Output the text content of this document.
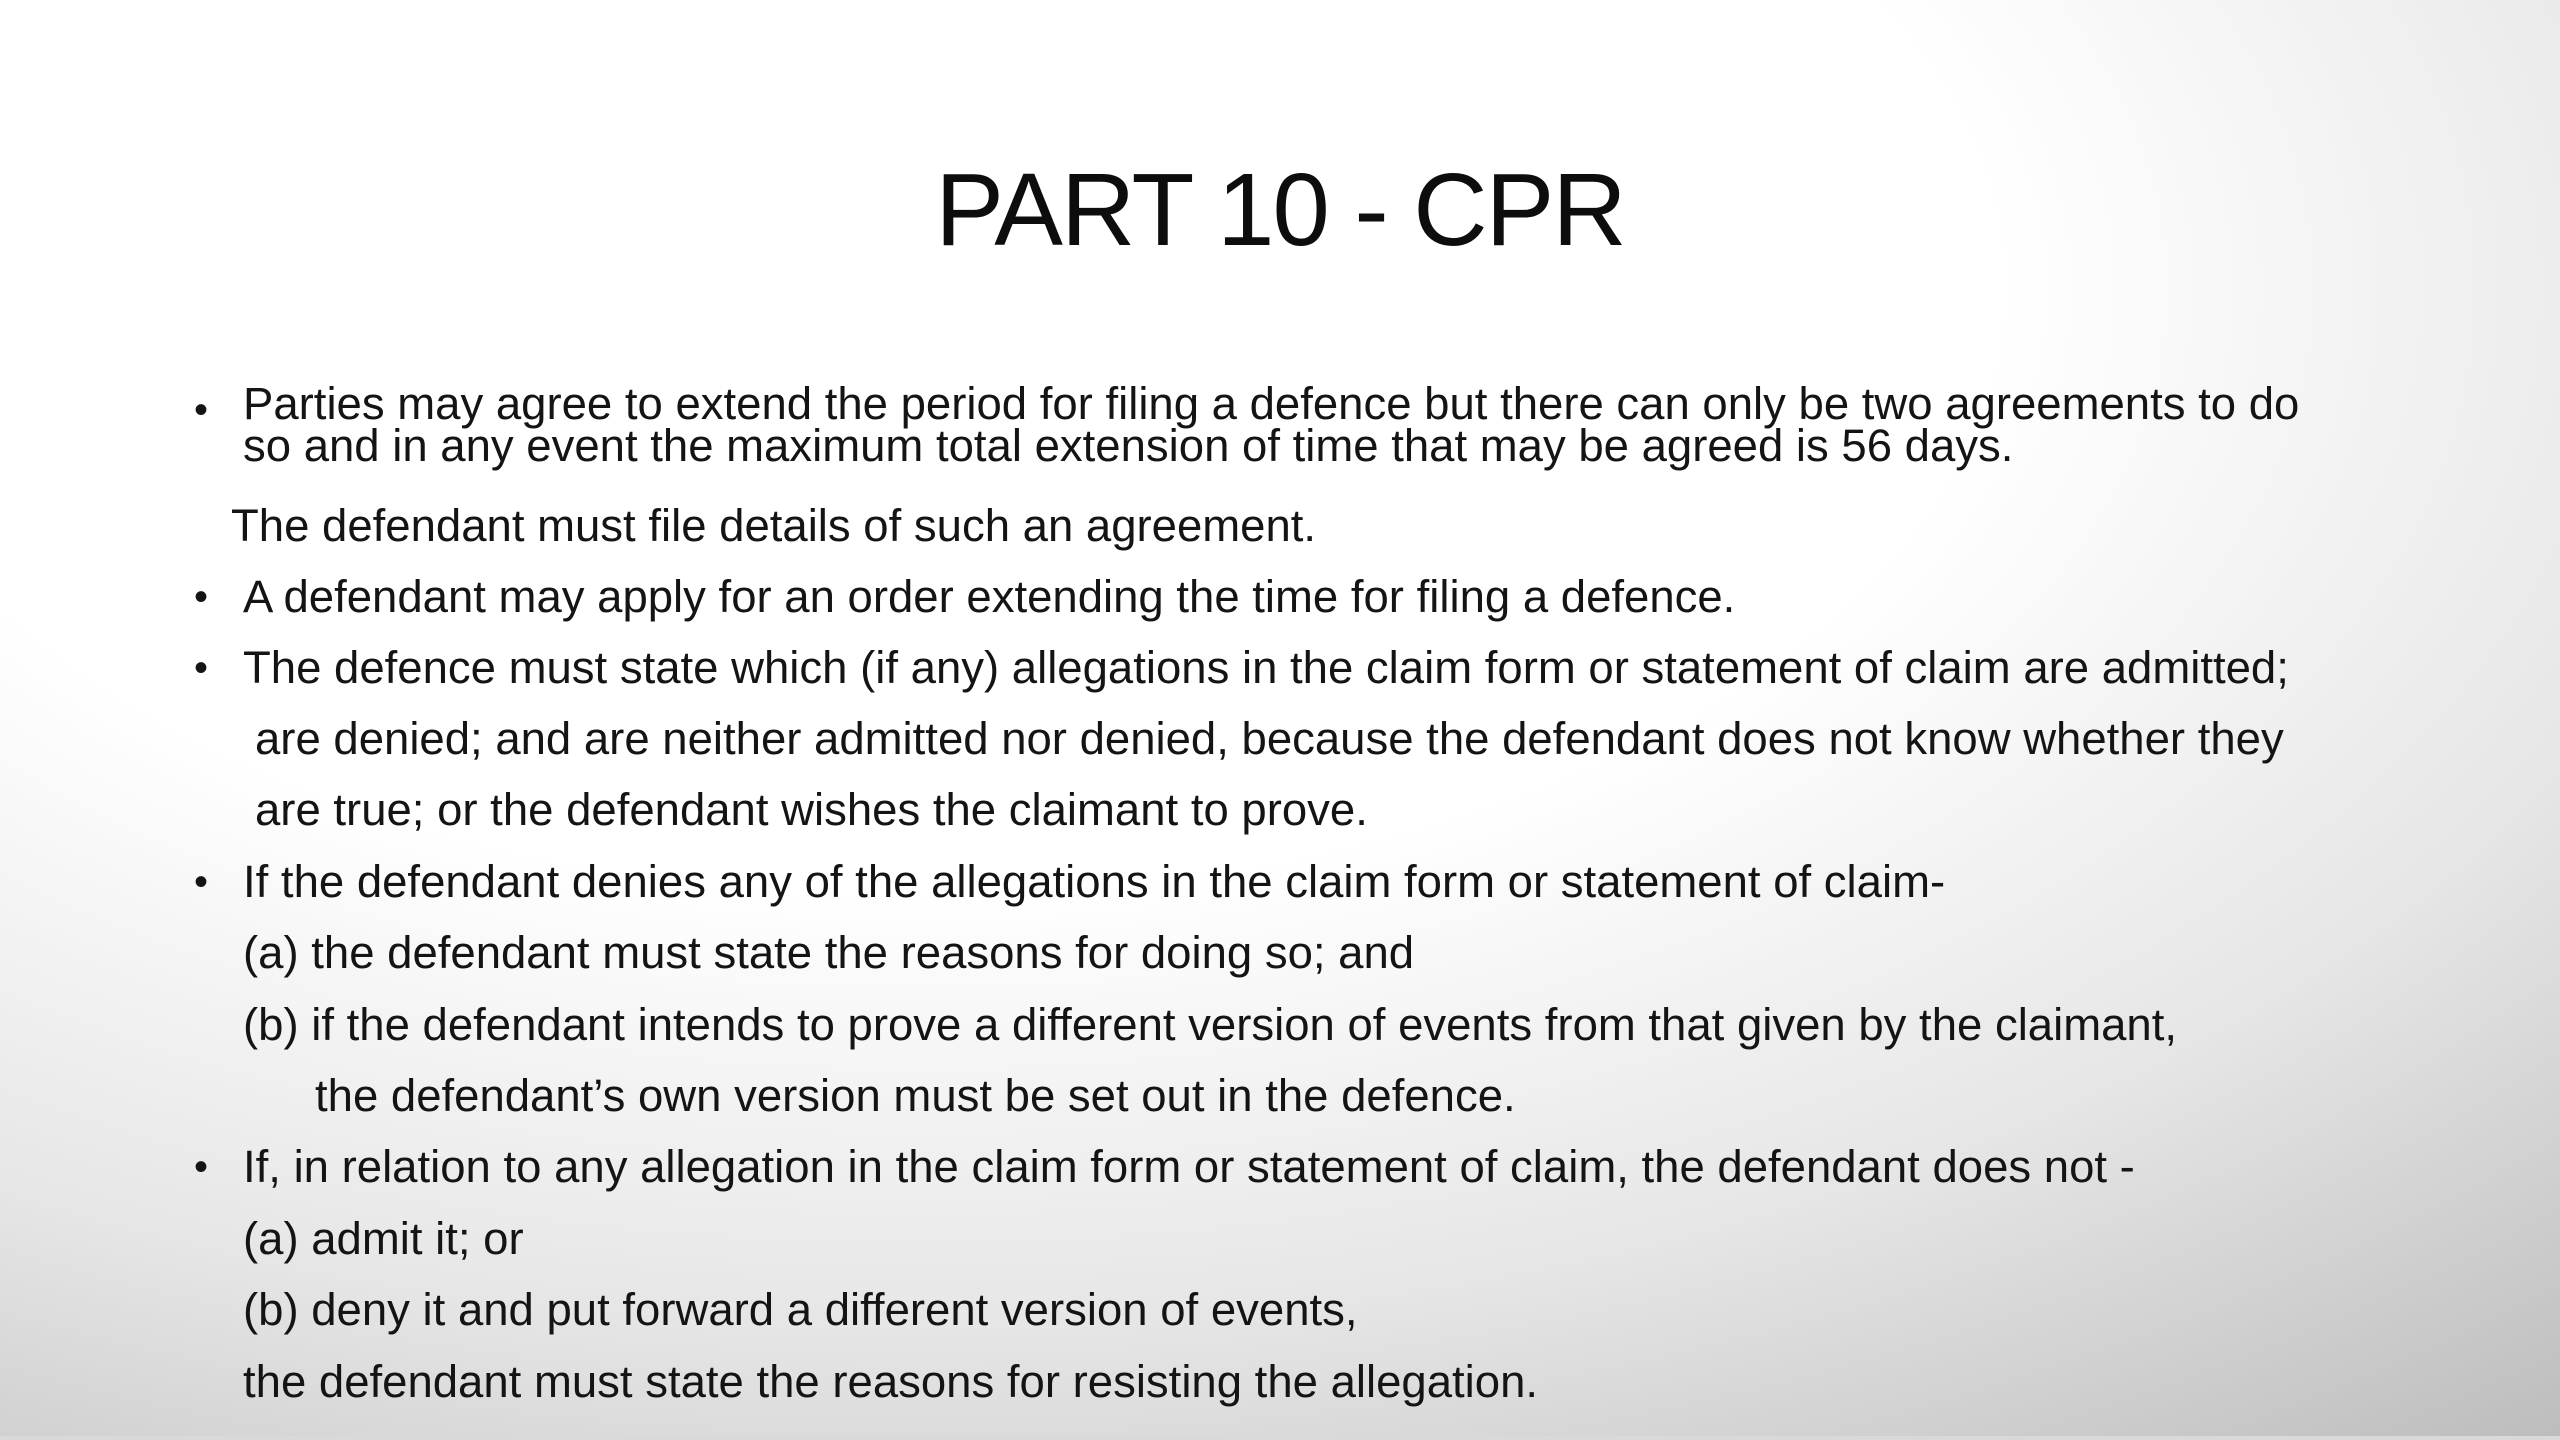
PART 10 - CPR
• Parties may agree to extend the period for filing a defence but there can only be two agreements to do
so and in any event the maximum total extension of time that may be agreed is 56 days.
The defendant must file details of such an agreement.
• A defendant may apply for an order extending the time for filing a defence.
• The defence must state which (if any) allegations in the claim form or statement of claim are admitted;
are denied; and are neither admitted nor denied, because the defendant does not know whether they
are true; or the defendant wishes the claimant to prove.
• If the defendant denies any of the allegations in the claim form or statement of claim-
(a) the defendant must state the reasons for doing so; and
(b) if the defendant intends to prove a different version of events from that given by the claimant,
the defendant’s own version must be set out in the defence.
• If, in relation to any allegation in the claim form or statement of claim, the defendant does not -
(a) admit it; or
(b) deny it and put forward a different version of events,
the defendant must state the reasons for resisting the allegation.
